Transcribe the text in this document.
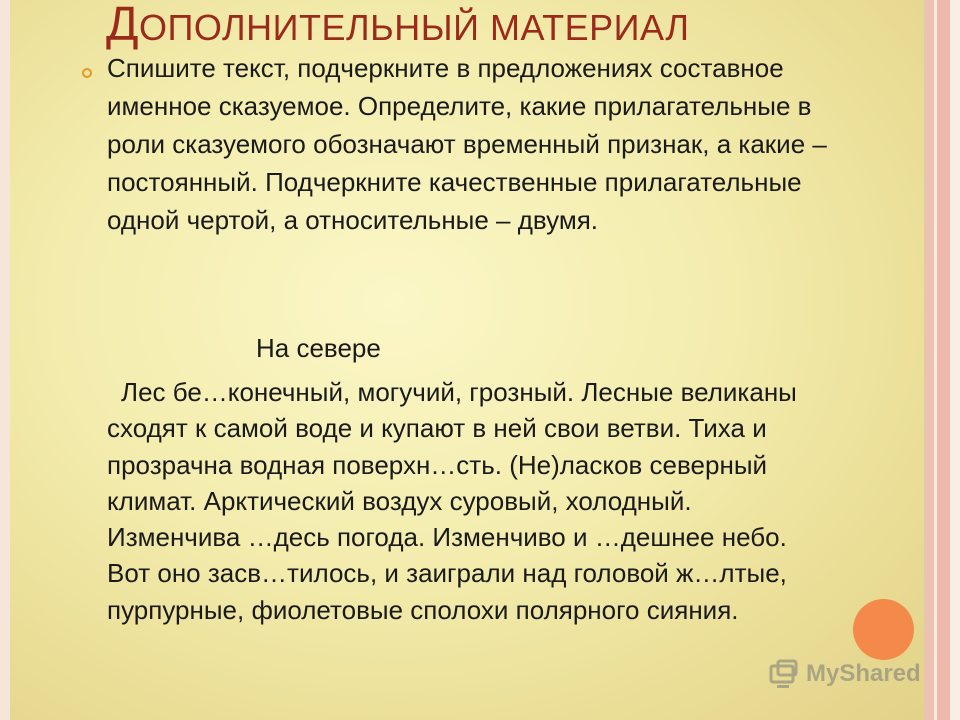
ДОПОЛНИТЕЛЬНЫЙ МАТЕРИАЛ

Спишите текст, подчеркните в предложениях составное именное сказуемое. Определите, какие прилагательные в роли сказуемого обозначают временный признак, а какие – постоянный. Подчеркните качественные прилагательные одной чертой, а относительные – двумя.

На севере

Лес бе…конечный, могучий, грозный. Лесные великаны сходят к самой воде и купают в ней свои ветви. Тиха и прозрачна водная поверхн…сть. (Не)ласков северный климат. Арктический воздух суровый, холодный. Изменчива …десь погода. Изменчиво и …дешнее небо. Вот оно засв…тилось, и заиграли над головой ж…лтые, пурпурные, фиолетовые сполохи полярного сияния.

MyShared
